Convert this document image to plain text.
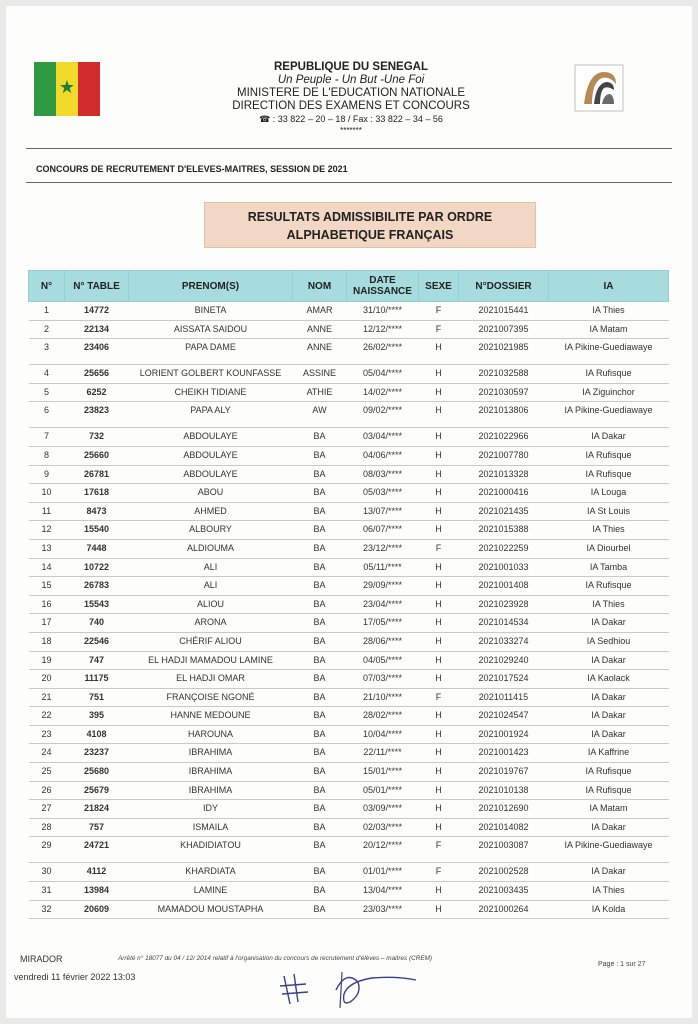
★
REPUBLIQUE DU SENEGAL
Un Peuple - Un But -Une Foi
MINISTERE DE L'EDUCATION NATIONALE
DIRECTION DES EXAMENS ET CONCOURS
☎ : 33 822 – 20 – 18 / Fax : 33 822 – 34 – 56
*******
CONCOURS DE RECRUTEMENT D'ELEVES-MAITRES, SESSION DE 2021
RESULTATS ADMISSIBILITE PAR ORDRE
ALPHABETIQUE FRANÇAIS
N°	N° TABLE	PRENOM(S)	NOM	DATE NAISSANCE	SEXE	N°DOSSIER	IA
1	14772	BINETA	AMAR	31/10/****	F	2021015441	IA Thies
2	22134	AISSATA SAIDOU	ANNE	12/12/****	F	2021007395	IA Matam
3	23406	PAPA DAME	ANNE	26/02/****	H	2021021985	IA Pikine-Guediawaye
4	25656	LORIENT GOLBERT KOUNFASSE	ASSINE	05/04/****	H	2021032588	IA Rufisque
5	6252	CHEIKH TIDIANE	ATHIE	14/02/****	H	2021030597	IA Ziguinchor
6	23823	PAPA ALY	AW	09/02/****	H	2021013806	IA Pikine-Guediawaye
7	732	ABDOULAYE	BA	03/04/****	H	2021022966	IA Dakar
8	25660	ABDOULAYE	BA	04/06/****	H	2021007780	IA Rufisque
9	26781	ABDOULAYE	BA	08/03/****	H	2021013328	IA Rufisque
10	17618	ABOU	BA	05/03/****	H	2021000416	IA Louga
11	8473	AHMED	BA	13/07/****	H	2021021435	IA St Louis
12	15540	ALBOURY	BA	06/07/****	H	2021015388	IA Thies
13	7448	ALDIOUMA	BA	23/12/****	F	2021022259	IA Diourbel
14	10722	ALI	BA	05/11/****	H	2021001033	IA Tamba
15	26783	ALI	BA	29/09/****	H	2021001408	IA Rufisque
16	15543	ALIOU	BA	23/04/****	H	2021023928	IA Thies
17	740	ARONA	BA	17/05/****	H	2021014534	IA Dakar
18	22546	CHÉRIF ALIOU	BA	28/06/****	H	2021033274	IA Sedhiou
19	747	EL HADJI MAMADOU LAMINE	BA	04/05/****	H	2021029240	IA Dakar
20	11175	EL HADJI OMAR	BA	07/03/****	H	2021017524	IA Kaolack
21	751	FRANÇOISE NGONÉ	BA	21/10/****	F	2021011415	IA Dakar
22	395	HANNE MEDOUNE	BA	28/02/****	H	2021024547	IA Dakar
23	4108	HAROUNA	BA	10/04/****	H	2021001924	IA Dakar
24	23237	IBRAHIMA	BA	22/11/****	H	2021001423	IA Kaffrine
25	25680	IBRAHIMA	BA	15/01/****	H	2021019767	IA Rufisque
26	25679	IBRAHIMA	BA	05/01/****	H	2021010138	IA Rufisque
27	21824	IDY	BA	03/09/****	H	2021012690	IA Matam
28	757	ISMAILA	BA	02/03/****	H	2021014082	IA Dakar
29	24721	KHADIDIATOU	BA	20/12/****	F	2021003087	IA Pikine-Guediawaye
30	4112	KHARDIATA	BA	01/01/****	F	2021002528	IA Dakar
31	13984	LAMINE	BA	13/04/****	H	2021003435	IA Thies
32	20609	MAMADOU MOUSTAPHA	BA	23/03/****	H	2021000264	IA Kolda
MIRADOR	Arrêté n° 18077 du 04 / 12/ 2014 relatif à l'organisation du concours de recrutement d'élèves – maitres (CREM)
Page : 1 sur 27
vendredi 11 février 2022 13:03
